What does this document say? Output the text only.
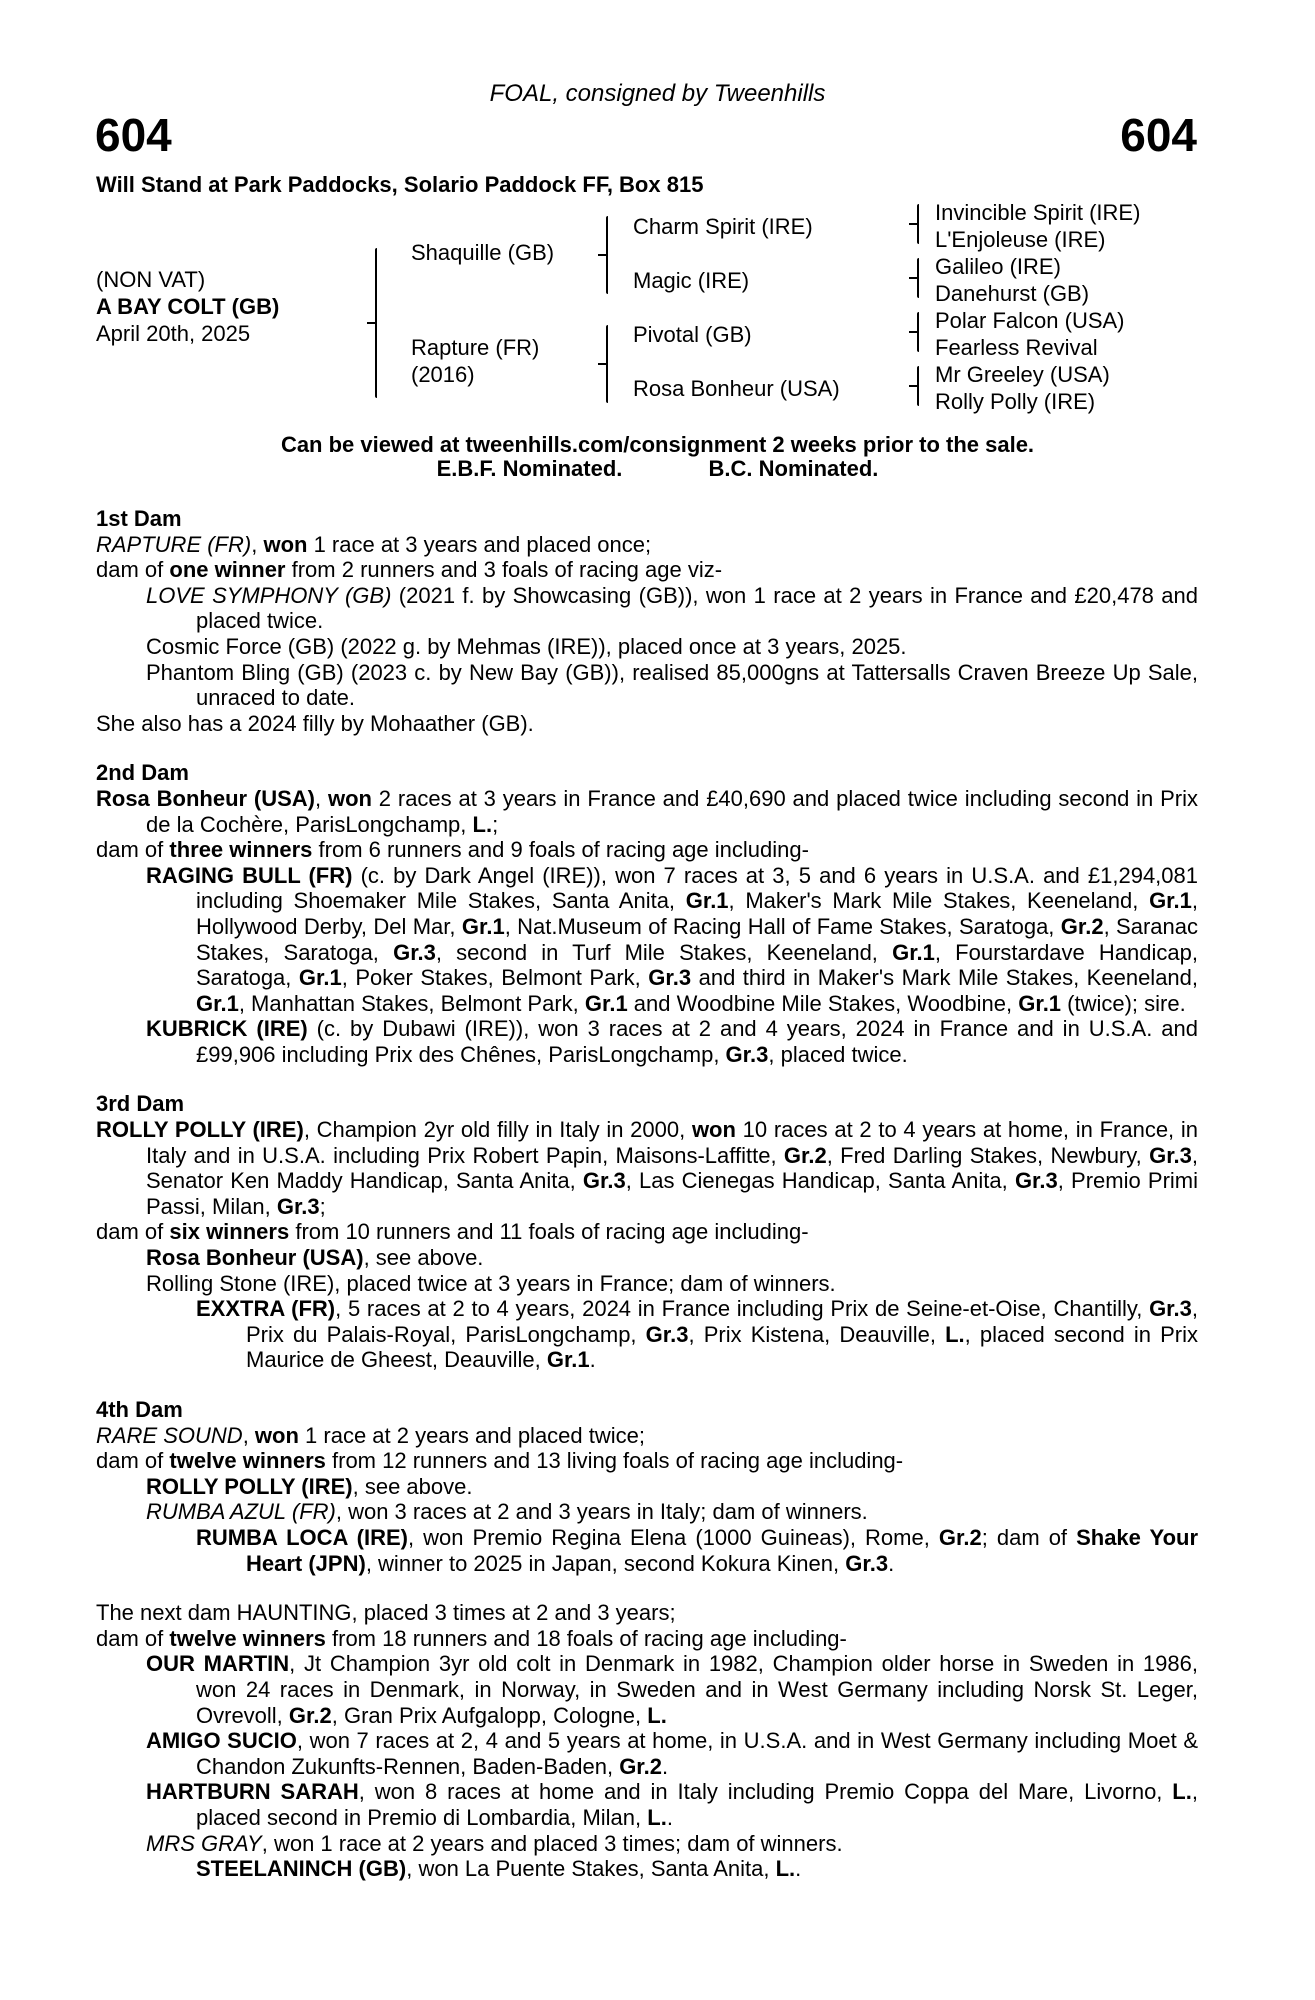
FOAL, consigned by Tweenhills
604	604
Will Stand at Park Paddocks, Solario Paddock FF, Box 815
(NON VAT)
A BAY COLT (GB)
April 20th, 2025
Shaquille (GB)
Rapture (FR)
(2016)
Charm Spirit (IRE)
Magic (IRE)
Pivotal (GB)
Rosa Bonheur (USA)
Invincible Spirit (IRE)
L'Enjoleuse (IRE)
Galileo (IRE)
Danehurst (GB)
Polar Falcon (USA)
Fearless Revival
Mr Greeley (USA)
Rolly Polly (IRE)
Can be viewed at tweenhills.com/consignment 2 weeks prior to the sale.
E.B.F. Nominated.	B.C. Nominated.
1st Dam
RAPTURE (FR), won 1 race at 3 years and placed once;
dam of one winner from 2 runners and 3 foals of racing age viz-
LOVE SYMPHONY (GB) (2021 f. by Showcasing (GB)), won 1 race at 2 years in France and £20,478 and placed twice.
Cosmic Force (GB) (2022 g. by Mehmas (IRE)), placed once at 3 years, 2025.
Phantom Bling (GB) (2023 c. by New Bay (GB)), realised 85,000gns at Tattersalls Craven Breeze Up Sale, unraced to date.
She also has a 2024 filly by Mohaather (GB).
2nd Dam
Rosa Bonheur (USA), won 2 races at 3 years in France and £40,690 and placed twice including second in Prix de la Cochère, ParisLongchamp, L.;
dam of three winners from 6 runners and 9 foals of racing age including-
RAGING BULL (FR) (c. by Dark Angel (IRE)), won 7 races at 3, 5 and 6 years in U.S.A. and £1,294,081 including Shoemaker Mile Stakes, Santa Anita, Gr.1, Maker's Mark Mile Stakes, Keeneland, Gr.1, Hollywood Derby, Del Mar, Gr.1, Nat.Museum of Racing Hall of Fame Stakes, Saratoga, Gr.2, Saranac Stakes, Saratoga, Gr.3, second in Turf Mile Stakes, Keeneland, Gr.1, Fourstardave Handicap, Saratoga, Gr.1, Poker Stakes, Belmont Park, Gr.3 and third in Maker's Mark Mile Stakes, Keeneland, Gr.1, Manhattan Stakes, Belmont Park, Gr.1 and Woodbine Mile Stakes, Woodbine, Gr.1 (twice); sire.
KUBRICK (IRE) (c. by Dubawi (IRE)), won 3 races at 2 and 4 years, 2024 in France and in U.S.A. and £99,906 including Prix des Chênes, ParisLongchamp, Gr.3, placed twice.
3rd Dam
ROLLY POLLY (IRE), Champion 2yr old filly in Italy in 2000, won 10 races at 2 to 4 years at home, in France, in Italy and in U.S.A. including Prix Robert Papin, Maisons-Laffitte, Gr.2, Fred Darling Stakes, Newbury, Gr.3, Senator Ken Maddy Handicap, Santa Anita, Gr.3, Las Cienegas Handicap, Santa Anita, Gr.3, Premio Primi Passi, Milan, Gr.3;
dam of six winners from 10 runners and 11 foals of racing age including-
Rosa Bonheur (USA), see above.
Rolling Stone (IRE), placed twice at 3 years in France; dam of winners.
EXXTRA (FR), 5 races at 2 to 4 years, 2024 in France including Prix de Seine-et-Oise, Chantilly, Gr.3, Prix du Palais-Royal, ParisLongchamp, Gr.3, Prix Kistena, Deauville, L., placed second in Prix Maurice de Gheest, Deauville, Gr.1.
4th Dam
RARE SOUND, won 1 race at 2 years and placed twice;
dam of twelve winners from 12 runners and 13 living foals of racing age including-
ROLLY POLLY (IRE), see above.
RUMBA AZUL (FR), won 3 races at 2 and 3 years in Italy; dam of winners.
RUMBA LOCA (IRE), won Premio Regina Elena (1000 Guineas), Rome, Gr.2; dam of Shake Your Heart (JPN), winner to 2025 in Japan, second Kokura Kinen, Gr.3.
The next dam HAUNTING, placed 3 times at 2 and 3 years;
dam of twelve winners from 18 runners and 18 foals of racing age including-
OUR MARTIN, Jt Champion 3yr old colt in Denmark in 1982, Champion older horse in Sweden in 1986, won 24 races in Denmark, in Norway, in Sweden and in West Germany including Norsk St. Leger, Ovrevoll, Gr.2, Gran Prix Aufgalopp, Cologne, L.
AMIGO SUCIO, won 7 races at 2, 4 and 5 years at home, in U.S.A. and in West Germany including Moet & Chandon Zukunfts-Rennen, Baden-Baden, Gr.2.
HARTBURN SARAH, won 8 races at home and in Italy including Premio Coppa del Mare, Livorno, L., placed second in Premio di Lombardia, Milan, L..
MRS GRAY, won 1 race at 2 years and placed 3 times; dam of winners.
STEELANINCH (GB), won La Puente Stakes, Santa Anita, L..
